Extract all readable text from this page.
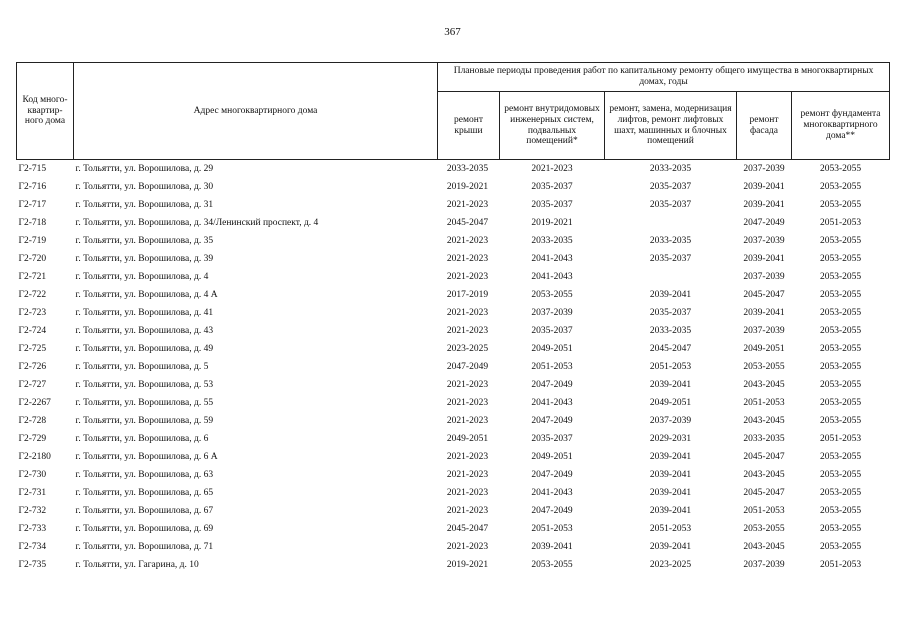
367
Код много-квартир-ного дома	Адрес многоквартирного дома	Плановые периоды проведения работ по капитальному ремонту общего имущества в многоквартирных домах, годы				
		ремонт крыши	ремонт внутридомовых инженерных систем, подвальных помещений*	ремонт, замена, модернизация лифтов, ремонт лифтовых шахт, машинных и блочных помещений	ремонт фасада	ремонт фундамента многоквартирного дома**
Г2-715	г. Тольятти, ул. Ворошилова, д. 29	2033-2035	2021-2023	2033-2035	2037-2039	2053-2055
Г2-716	г. Тольятти, ул. Ворошилова, д. 30	2019-2021	2035-2037	2035-2037	2039-2041	2053-2055
Г2-717	г. Тольятти, ул. Ворошилова, д. 31	2021-2023	2035-2037	2035-2037	2039-2041	2053-2055
Г2-718	г. Тольятти, ул. Ворошилова, д. 34/Ленинский проспект, д. 4	2045-2047	2019-2021		2047-2049	2051-2053
Г2-719	г. Тольятти, ул. Ворошилова, д. 35	2021-2023	2033-2035	2033-2035	2037-2039	2053-2055
Г2-720	г. Тольятти, ул. Ворошилова, д. 39	2021-2023	2041-2043	2035-2037	2039-2041	2053-2055
Г2-721	г. Тольятти, ул. Ворошилова, д. 4	2021-2023	2041-2043		2037-2039	2053-2055
Г2-722	г. Тольятти, ул. Ворошилова, д. 4 А	2017-2019	2053-2055	2039-2041	2045-2047	2053-2055
Г2-723	г. Тольятти, ул. Ворошилова, д. 41	2021-2023	2037-2039	2035-2037	2039-2041	2053-2055
Г2-724	г. Тольятти, ул. Ворошилова, д. 43	2021-2023	2035-2037	2033-2035	2037-2039	2053-2055
Г2-725	г. Тольятти, ул. Ворошилова, д. 49	2023-2025	2049-2051	2045-2047	2049-2051	2053-2055
Г2-726	г. Тольятти, ул. Ворошилова, д. 5	2047-2049	2051-2053	2051-2053	2053-2055	2053-2055
Г2-727	г. Тольятти, ул. Ворошилова, д. 53	2021-2023	2047-2049	2039-2041	2043-2045	2053-2055
Г2-2267	г. Тольятти, ул. Ворошилова, д. 55	2021-2023	2041-2043	2049-2051	2051-2053	2053-2055
Г2-728	г. Тольятти, ул. Ворошилова, д. 59	2021-2023	2047-2049	2037-2039	2043-2045	2053-2055
Г2-729	г. Тольятти, ул. Ворошилова, д. 6	2049-2051	2035-2037	2029-2031	2033-2035	2051-2053
Г2-2180	г. Тольятти, ул. Ворошилова, д. 6 А	2021-2023	2049-2051	2039-2041	2045-2047	2053-2055
Г2-730	г. Тольятти, ул. Ворошилова, д. 63	2021-2023	2047-2049	2039-2041	2043-2045	2053-2055
Г2-731	г. Тольятти, ул. Ворошилова, д. 65	2021-2023	2041-2043	2039-2041	2045-2047	2053-2055
Г2-732	г. Тольятти, ул. Ворошилова, д. 67	2021-2023	2047-2049	2039-2041	2051-2053	2053-2055
Г2-733	г. Тольятти, ул. Ворошилова, д. 69	2045-2047	2051-2053	2051-2053	2053-2055	2053-2055
Г2-734	г. Тольятти, ул. Ворошилова, д. 71	2021-2023	2039-2041	2039-2041	2043-2045	2053-2055
Г2-735	г. Тольятти, ул. Гагарина, д. 10	2019-2021	2053-2055	2023-2025	2037-2039	2051-2053
